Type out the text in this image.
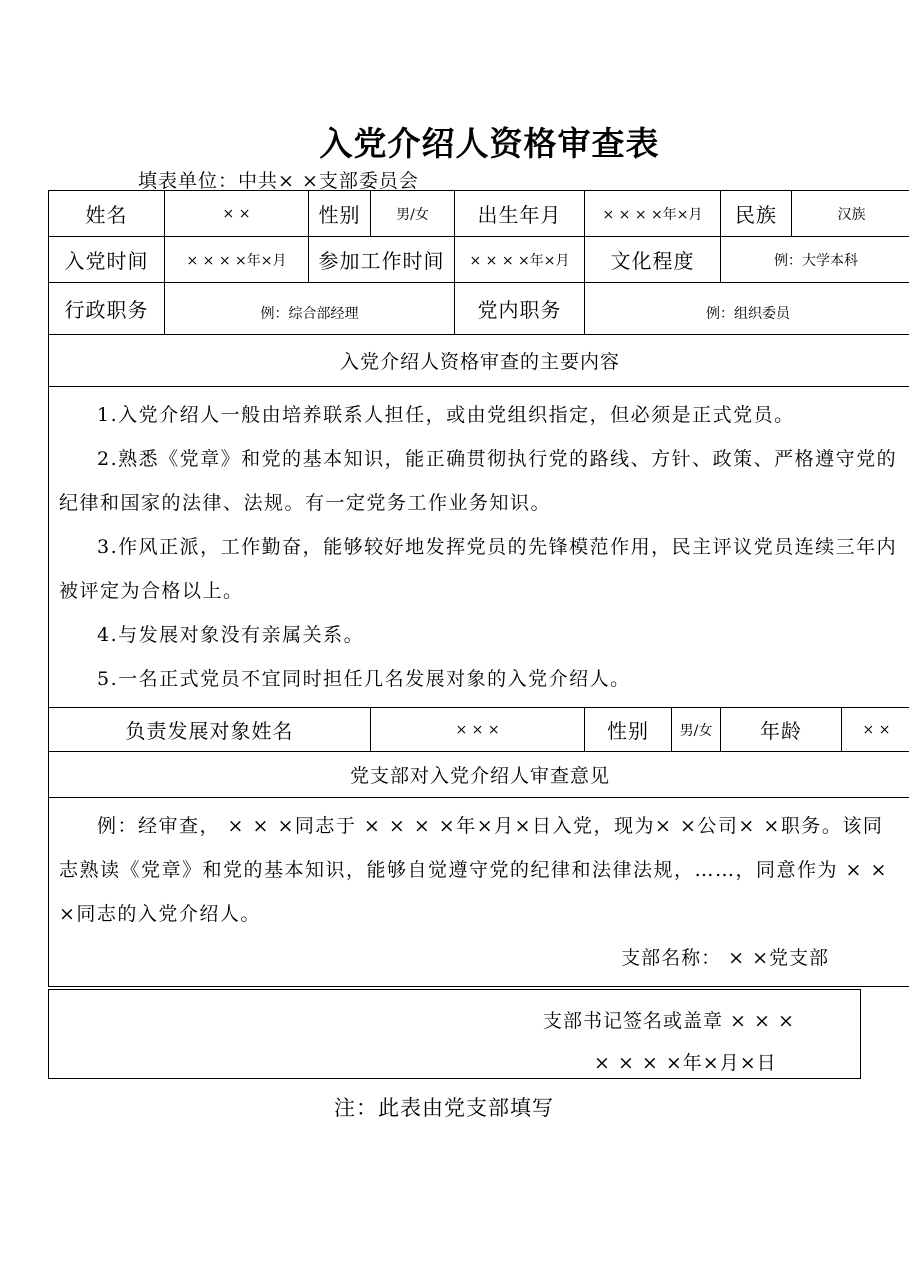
入党介绍人资格审查表
填表单位：中共× ×支部委员会
姓名	× ×	性别	男/女	出生年月	× × × ×年×月		民族	汉族	
入党时间	× × × ×年×月	参加工作时间		× × × ×年×月	文化程度		例：大学本科		
行政职务	例：综合部经理			党内职务	例：组织委员				
入党介绍人资格审查的主要内容									

1.入党介绍人一般由培养联系人担任，或由党组织指定，但必须是正式党员。

2.熟悉《党章》和党的基本知识，能正确贯彻执行党的路线、方针、政策、严格遵守党的纪律和国家的法律、法规。有一定党务工作业务知识。

3.作风正派，工作勤奋，能够较好地发挥党员的先锋模范作用，民主评议党员连续三年内被评定为合格以上。

4.与发展对象没有亲属关系。

5.一名正式党员不宜同时担任几名发展对象的入党介绍人。									

负责发展对象姓名			× × ×		性别	男/女	年龄		× ×
党支部对入党介绍人审查意见									

例：经审查， × × ×同志于 × × × ×年×月×日入党，现为× ×公司× ×职务。该同志熟读《党章》和党的基本知识，能够自觉遵守党的纪律和法律法规，……，同意作为 × × ×同志的入党介绍人。

支部名称： × ×党支部									
支部书记签名或盖章 × × ×
× × × ×年×月×日
注：此表由党支部填写
